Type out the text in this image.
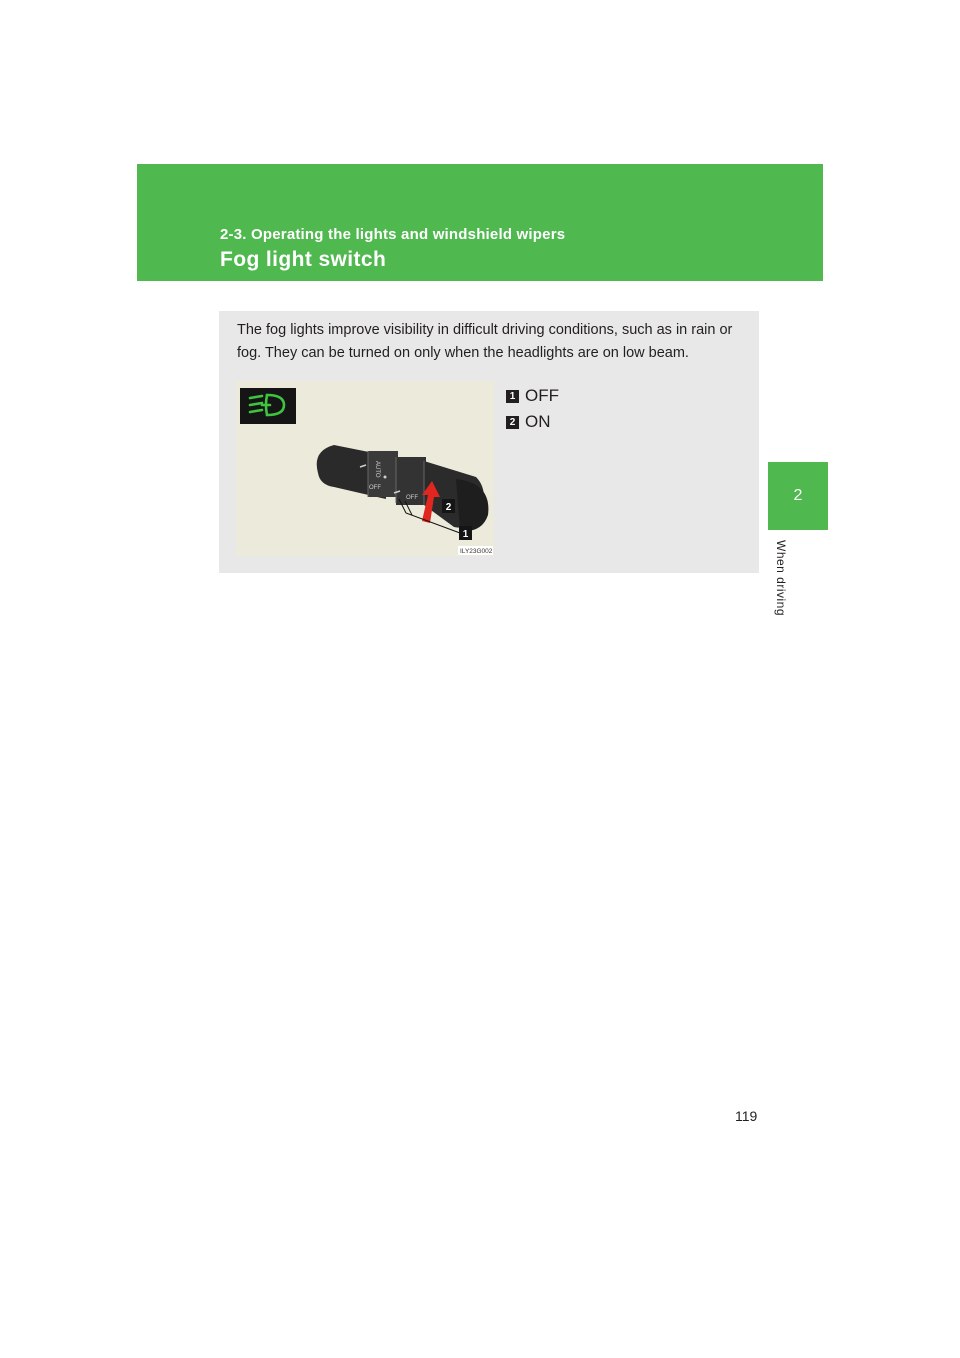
2-3. Operating the lights and windshield wipers
Fog light switch
2
When driving
The fog lights improve visibility in difficult driving conditions, such as in rain or fog. They can be turned on only when the headlights are on low beam.
AUTO
OFF
OFF
2
1
ILY23G002
1 OFF
2 ON
119
